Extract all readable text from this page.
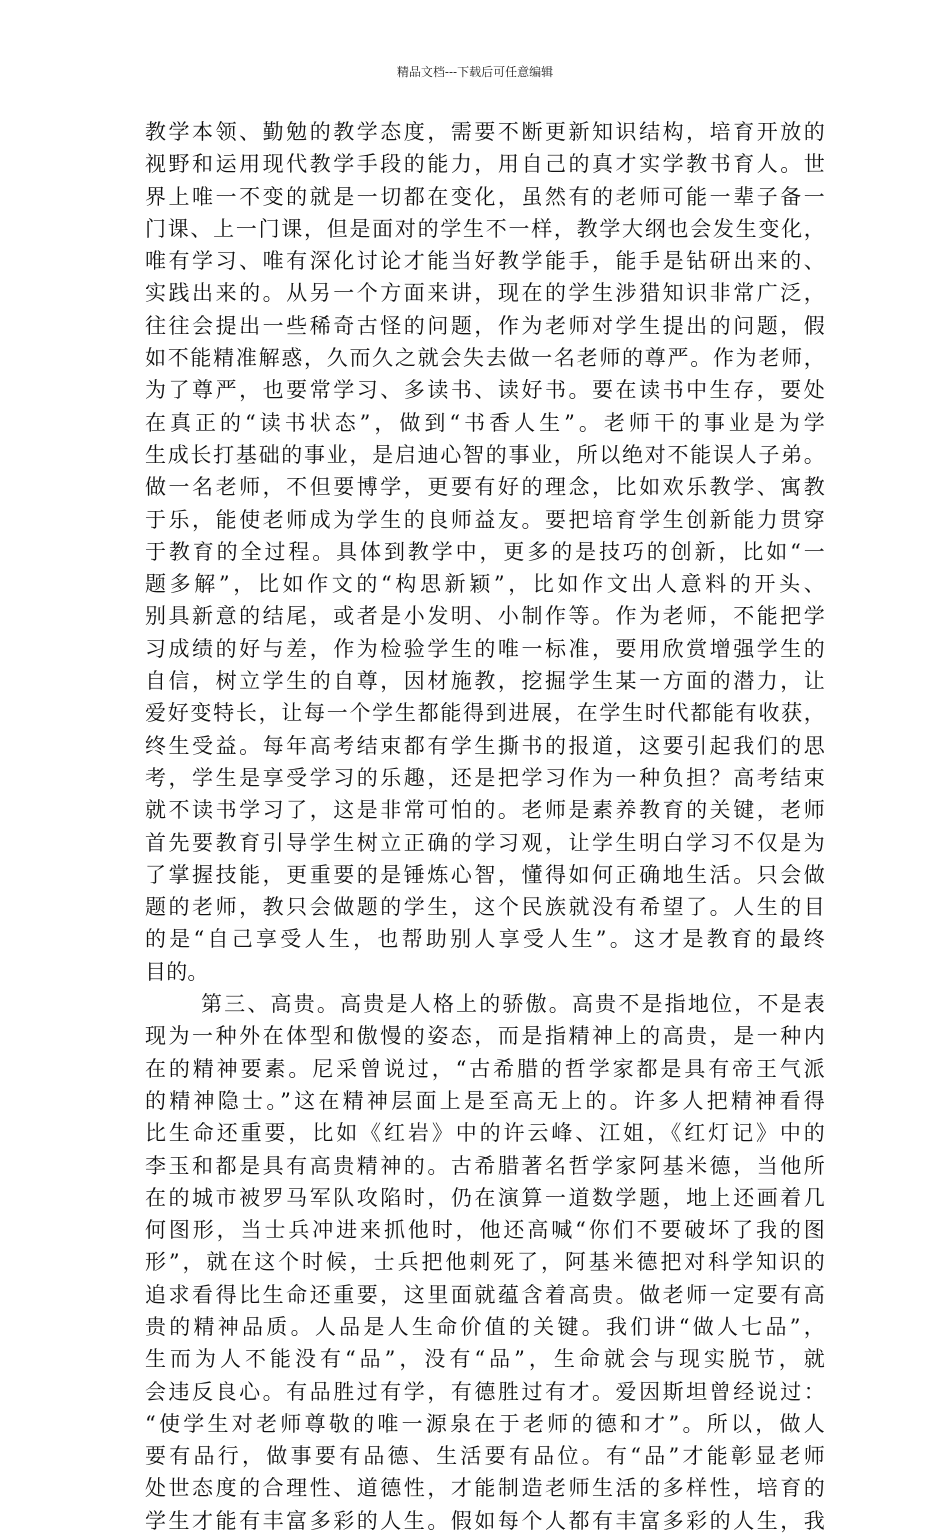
精品文档---下载后可任意编辑
教学本领、勤勉的教学态度，需要不断更新知识结构，培育开放的
视野和运用现代教学手段的能力，用自己的真才实学教书育人。世
界上唯一不变的就是一切都在变化，虽然有的老师可能一辈子备一
门课、上一门课，但是面对的学生不一样，教学大纲也会发生变化，
唯有学习、唯有深化讨论才能当好教学能手，能手是钻研出来的、
实践出来的。从另一个方面来讲，现在的学生涉猎知识非常广泛，
往往会提出一些稀奇古怪的问题，作为老师对学生提出的问题，假
如不能精准解惑，久而久之就会失去做一名老师的尊严。作为老师，
为了尊严，也要常学习、多读书、读好书。要在读书中生存，要处
在真正的“读书状态”，做到“书香人生”。老师干的事业是为学
生成长打基础的事业，是启迪心智的事业，所以绝对不能误人子弟。
做一名老师，不但要博学，更要有好的理念，比如欢乐教学、寓教
于乐，能使老师成为学生的良师益友。要把培育学生创新能力贯穿
于教育的全过程。具体到教学中，更多的是技巧的创新，比如“一
题多解”，比如作文的“构思新颖”，比如作文出人意料的开头、
别具新意的结尾，或者是小发明、小制作等。作为老师，不能把学
习成绩的好与差，作为检验学生的唯一标准，要用欣赏增强学生的
自信，树立学生的自尊，因材施教，挖掘学生某一方面的潜力，让
爱好变特长，让每一个学生都能得到进展，在学生时代都能有收获，
终生受益。每年高考结束都有学生撕书的报道，这要引起我们的思
考，学生是享受学习的乐趣，还是把学习作为一种负担？高考结束
就不读书学习了，这是非常可怕的。老师是素养教育的关键，老师
首先要教育引导学生树立正确的学习观，让学生明白学习不仅是为
了掌握技能，更重要的是锤炼心智，懂得如何正确地生活。只会做
题的老师，教只会做题的学生，这个民族就没有希望了。人生的目
的是“自己享受人生，也帮助别人享受人生”。这才是教育的最终
目的。
第三、高贵。高贵是人格上的骄傲。高贵不是指地位，不是表
现为一种外在体型和傲慢的姿态，而是指精神上的高贵，是一种内
在的精神要素。尼采曾说过，“古希腊的哲学家都是具有帝王气派
的精神隐士。”这在精神层面上是至高无上的。许多人把精神看得
比生命还重要，比如《红岩》中的许云峰、江姐，《红灯记》中的
李玉和都是具有高贵精神的。古希腊著名哲学家阿基米德，当他所
在的城市被罗马军队攻陷时，仍在演算一道数学题，地上还画着几
何图形，当士兵冲进来抓他时，他还高喊“你们不要破坏了我的图
形”，就在这个时候，士兵把他刺死了，阿基米德把对科学知识的
追求看得比生命还重要，这里面就蕴含着高贵。做老师一定要有高
贵的精神品质。人品是人生命价值的关键。我们讲“做人七品”，
生而为人不能没有“品”，没有“品”，生命就会与现实脱节，就
会违反良心。有品胜过有学，有德胜过有才。爱因斯坦曾经说过：
“使学生对老师尊敬的唯一源泉在于老师的德和才”。所以，做人
要有品行，做事要有品德、生活要有品位。有“品”才能彰显老师
处世态度的合理性、道德性，才能制造老师生活的多样性，培育的
学生才能有丰富多彩的人生。假如每个人都有丰富多彩的人生，我
